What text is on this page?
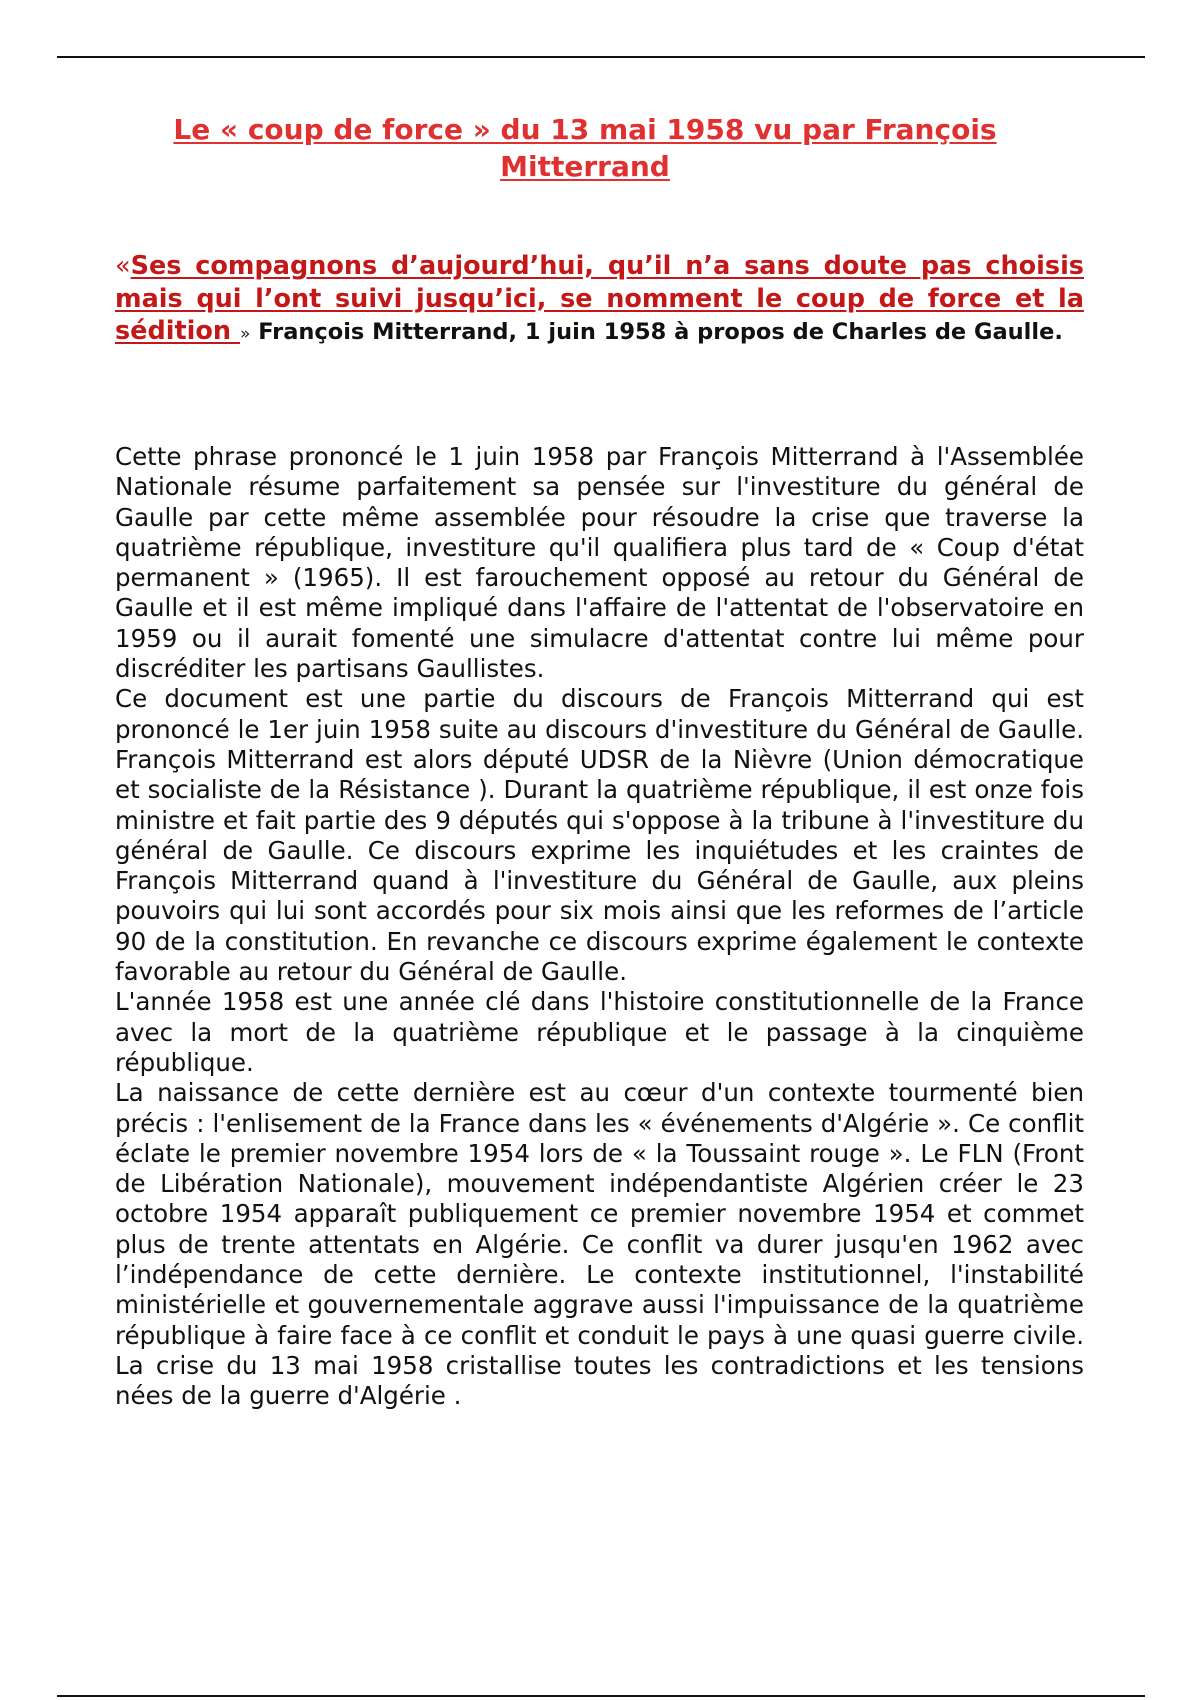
Le « coup de force » du 13 mai 1958 vu par François Mitterrand

«Ses compagnons d’aujourd’hui, qu’il n’a sans doute pas choisis mais qui l’ont suivi jusqu’ici, se nomment le coup de force et la sédition » François Mitterrand, 1 juin 1958 à propos de Charles de Gaulle.

Cette phrase prononcé le 1 juin 1958 par François Mitterrand à l'Assemblée Nationale résume parfaitement sa pensée sur l'investiture du général de Gaulle par cette même assemblée pour résoudre la crise que traverse la quatrième république, investiture qu'il qualifiera plus tard de « Coup d'état permanent » (1965). Il est farouchement opposé au retour du Général de Gaulle et il est même impliqué dans l'affaire de l'attentat de l'observatoire en 1959 ou il aurait fomenté une simulacre d'attentat contre lui même pour discréditer les partisans Gaullistes.

Ce document est une partie du discours de François Mitterrand qui est prononcé le 1er juin 1958 suite au discours d'investiture du Général de Gaulle. François Mitterrand est alors député UDSR de la Nièvre (Union démocratique et socialiste de la Résistance ). Durant la quatrième république, il est onze fois ministre et fait partie des 9 députés qui s'oppose à la tribune à l'investiture du général de Gaulle. Ce discours exprime les inquiétudes et les craintes de François Mitterrand quand à l'investiture du Général de Gaulle, aux pleins pouvoirs qui lui sont accordés pour six mois ainsi que les reformes de l’article 90 de la constitution. En revanche ce discours exprime également le contexte favorable au retour du Général de Gaulle.

L'année 1958 est une année clé dans l'histoire constitutionnelle de la France avec la mort de la quatrième république et le passage à la cinquième république.

La naissance de cette dernière est au cœur d'un contexte tourmenté bien précis : l'enlisement de la France dans les « événements d'Algérie ». Ce conflit éclate le premier novembre 1954 lors de « la Toussaint rouge ». Le FLN (Front de Libération Nationale), mouvement indépendantiste Algérien créer le 23 octobre 1954 apparaît publiquement ce premier novembre 1954 et commet plus de trente attentats en Algérie. Ce conflit va durer jusqu'en 1962 avec l’indépendance de cette dernière. Le contexte institutionnel, l'instabilité ministérielle et gouvernementale aggrave aussi l'impuissance de la quatrième république à faire face à ce conflit et conduit le pays à une quasi guerre civile. La crise du 13 mai 1958 cristallise toutes les contradictions et les tensions nées de la guerre d'Algérie .
